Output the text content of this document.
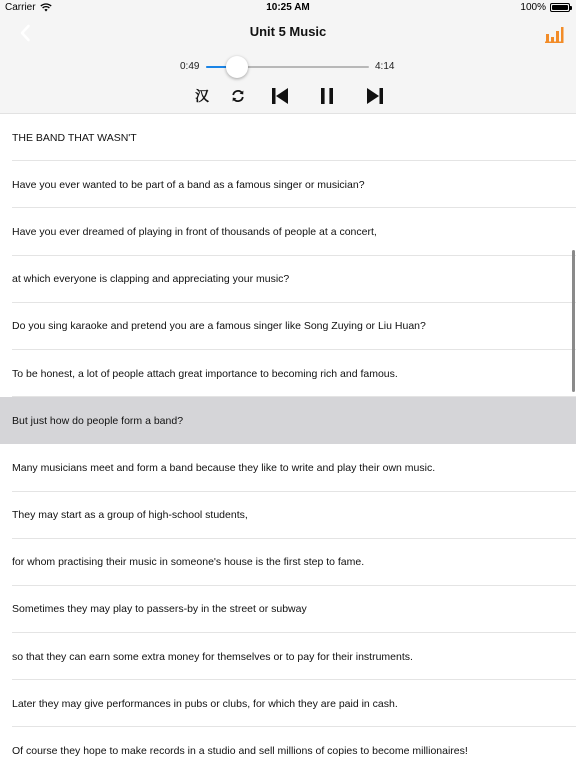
Carrier	10:25 AM	100%
Unit 5 Music
0:49	4:14
汉
THE BAND THAT WASN'T
Have you ever wanted to be part of a band as a famous singer or musician?
Have you ever dreamed of playing in front of thousands of people at a concert,
at which everyone is clapping and appreciating your music?
Do you sing karaoke and pretend you are a famous singer like Song Zuying or Liu Huan?
To be honest, a lot of people attach great importance to becoming rich and famous.
But just how do people form a band?
Many musicians meet and form a band because they like to write and play their own music.
They may start as a group of high-school students,
for whom practising their music in someone's house is the first step to fame.
Sometimes they may play to passers-by in the street or subway
so that they can earn some extra money for themselves or to pay for their instruments.
Later they may give performances in pubs or clubs, for which they are paid in cash.
Of course they hope to make records in a studio and sell millions of copies to become millionaires!
